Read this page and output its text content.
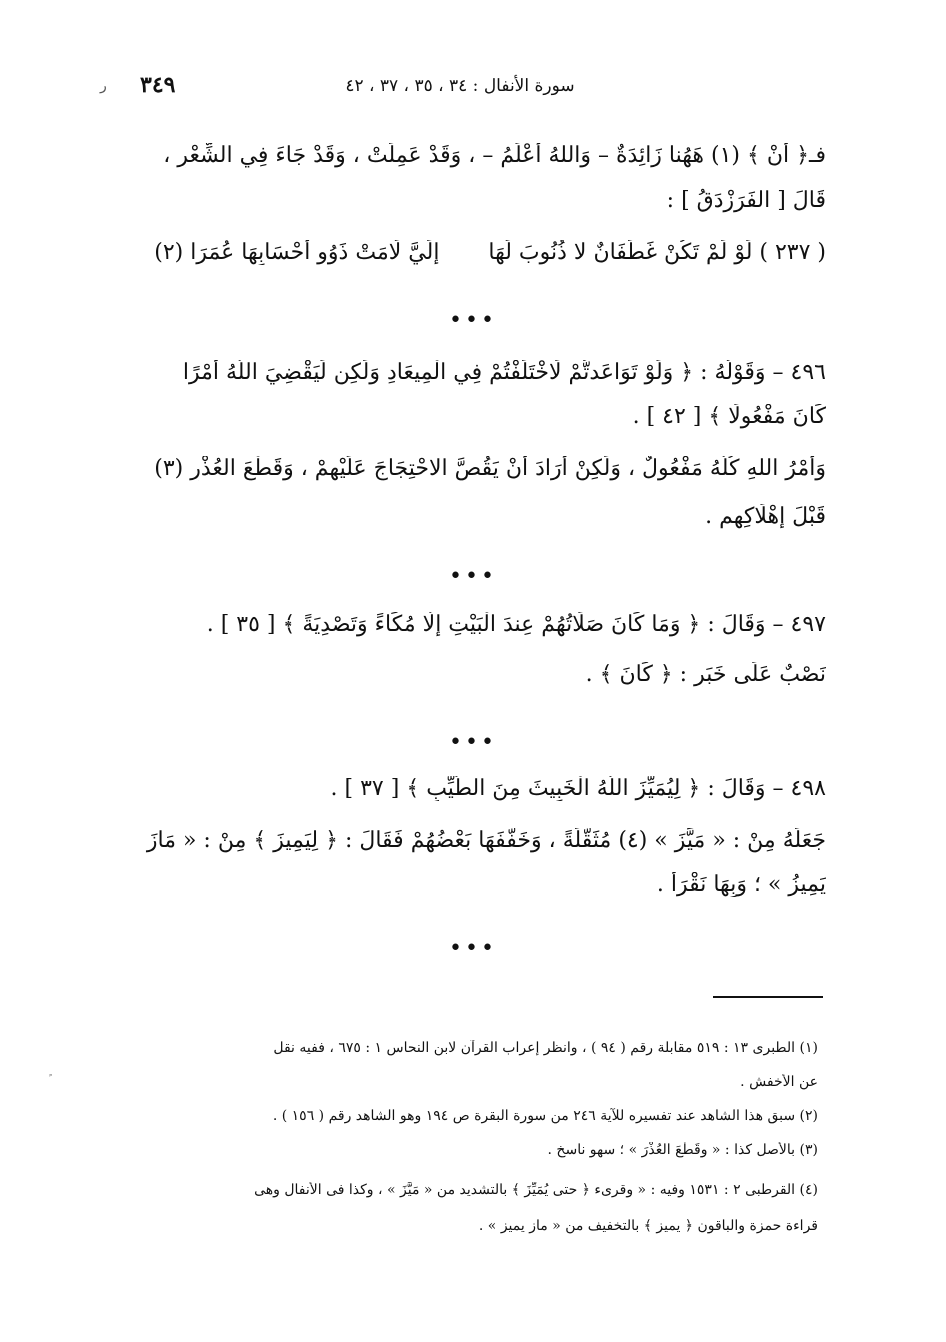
سورة الأنفال : ٣٤ ، ٣٥ ، ٣٧ ، ٤٢
٣٤٩
ر

فـ﴿ أَنْ ﴾ (١) هَهُنا زَائِدَةٌ – وَاللهُ أَعْلَمُ – ، وَقَدْ عَمِلَتْ ، وَقَدْ جَاءَ فِي الشِّعْرِ ،

قَالَ [ الفَرَزْدَقُ ] :

( ٢٣٧ ) لَوْ لَمْ تَكُنْ غَطَفَانٌ لا ذُنُوبَ لَهَا       إِلَيَّ لَامَتْ ذَوُو أَحْسَابِهَا عُمَرَا (٢)

•••

٤٩٦ – وَقَوْلُهُ : ﴿ وَلَوْ تَوَاعَدتُّمْ لَاخْتَلَفْتُمْ فِي الْمِيعَادِ وَلَكِن لِّيَقْضِيَ اللَّهُ أَمْرًا

كَانَ مَفْعُولًا ﴾ [ ٤٢ ] .

وَأَمْرُ اللهِ كُلُّهُ مَفْعُولٌ ، وَلَكِنْ أَرَادَ أَنْ يَقُصَّ الاحْتِجَاجَ عَلَيْهِمْ ، وَقَطْعَ العُذْرِ (٣)

قَبْلَ إِهْلَاكِهِم .

•••

٤٩٧ – وَقَالَ : ﴿ وَمَا كَانَ صَلَاتُهُمْ عِندَ الْبَيْتِ إِلَّا مُكَاءً وَتَصْدِيَةً ﴾ [ ٣٥ ] .

نَصْبٌ عَلَى خَبَرِ : ﴿ كَانَ ﴾ .

•••

٤٩٨ – وَقَالَ : ﴿ لِيُمَيِّزَ اللَّهُ الْخَبِيثَ مِنَ الطَّيِّبِ ﴾ [ ٣٧ ] .

جَعَلَهُ مِنْ : « مَيَّزَ » (٤) مُثَقَّلَةً ، وَخَفَّفَهَا بَعْضُهُمْ فَقَالَ : ﴿ لِيَمِيزَ ﴾ مِنْ : « مَازَ

يَمِيزُ » ؛ وَبِهَا نَقْرَأُ .

•••

(١) الطبرى ١٣ : ٥١٩ مقابلة رقم ( ٩٤ ) ، وانظر إعراب القرآن لابن النحاس ١ : ٦٧٥ ، ففيه نقل

عن الأخفش .

(٢) سبق هذا الشاهد عند تفسيره للآية ٢٤٦ من سورة البقرة ص ١٩٤ وهو الشاهد رقم ( ١٥٦ ) .

(٣) بالأصل كذا : « وقَطْعَ العُذْرَ » ؛ سهو ناسخ .

(٤) القرطبى ٢ : ١٥٣١ وفيه : « وقرىء ﴿ حتى يُمَيِّزَ ﴾ بالتشديد من « مَيَّزَ » ، وكذا فى الأنفال وهى

قراءة حمزة والباقون ﴿ يميز ﴾ بالتخفيف من « ماز يميز » .
